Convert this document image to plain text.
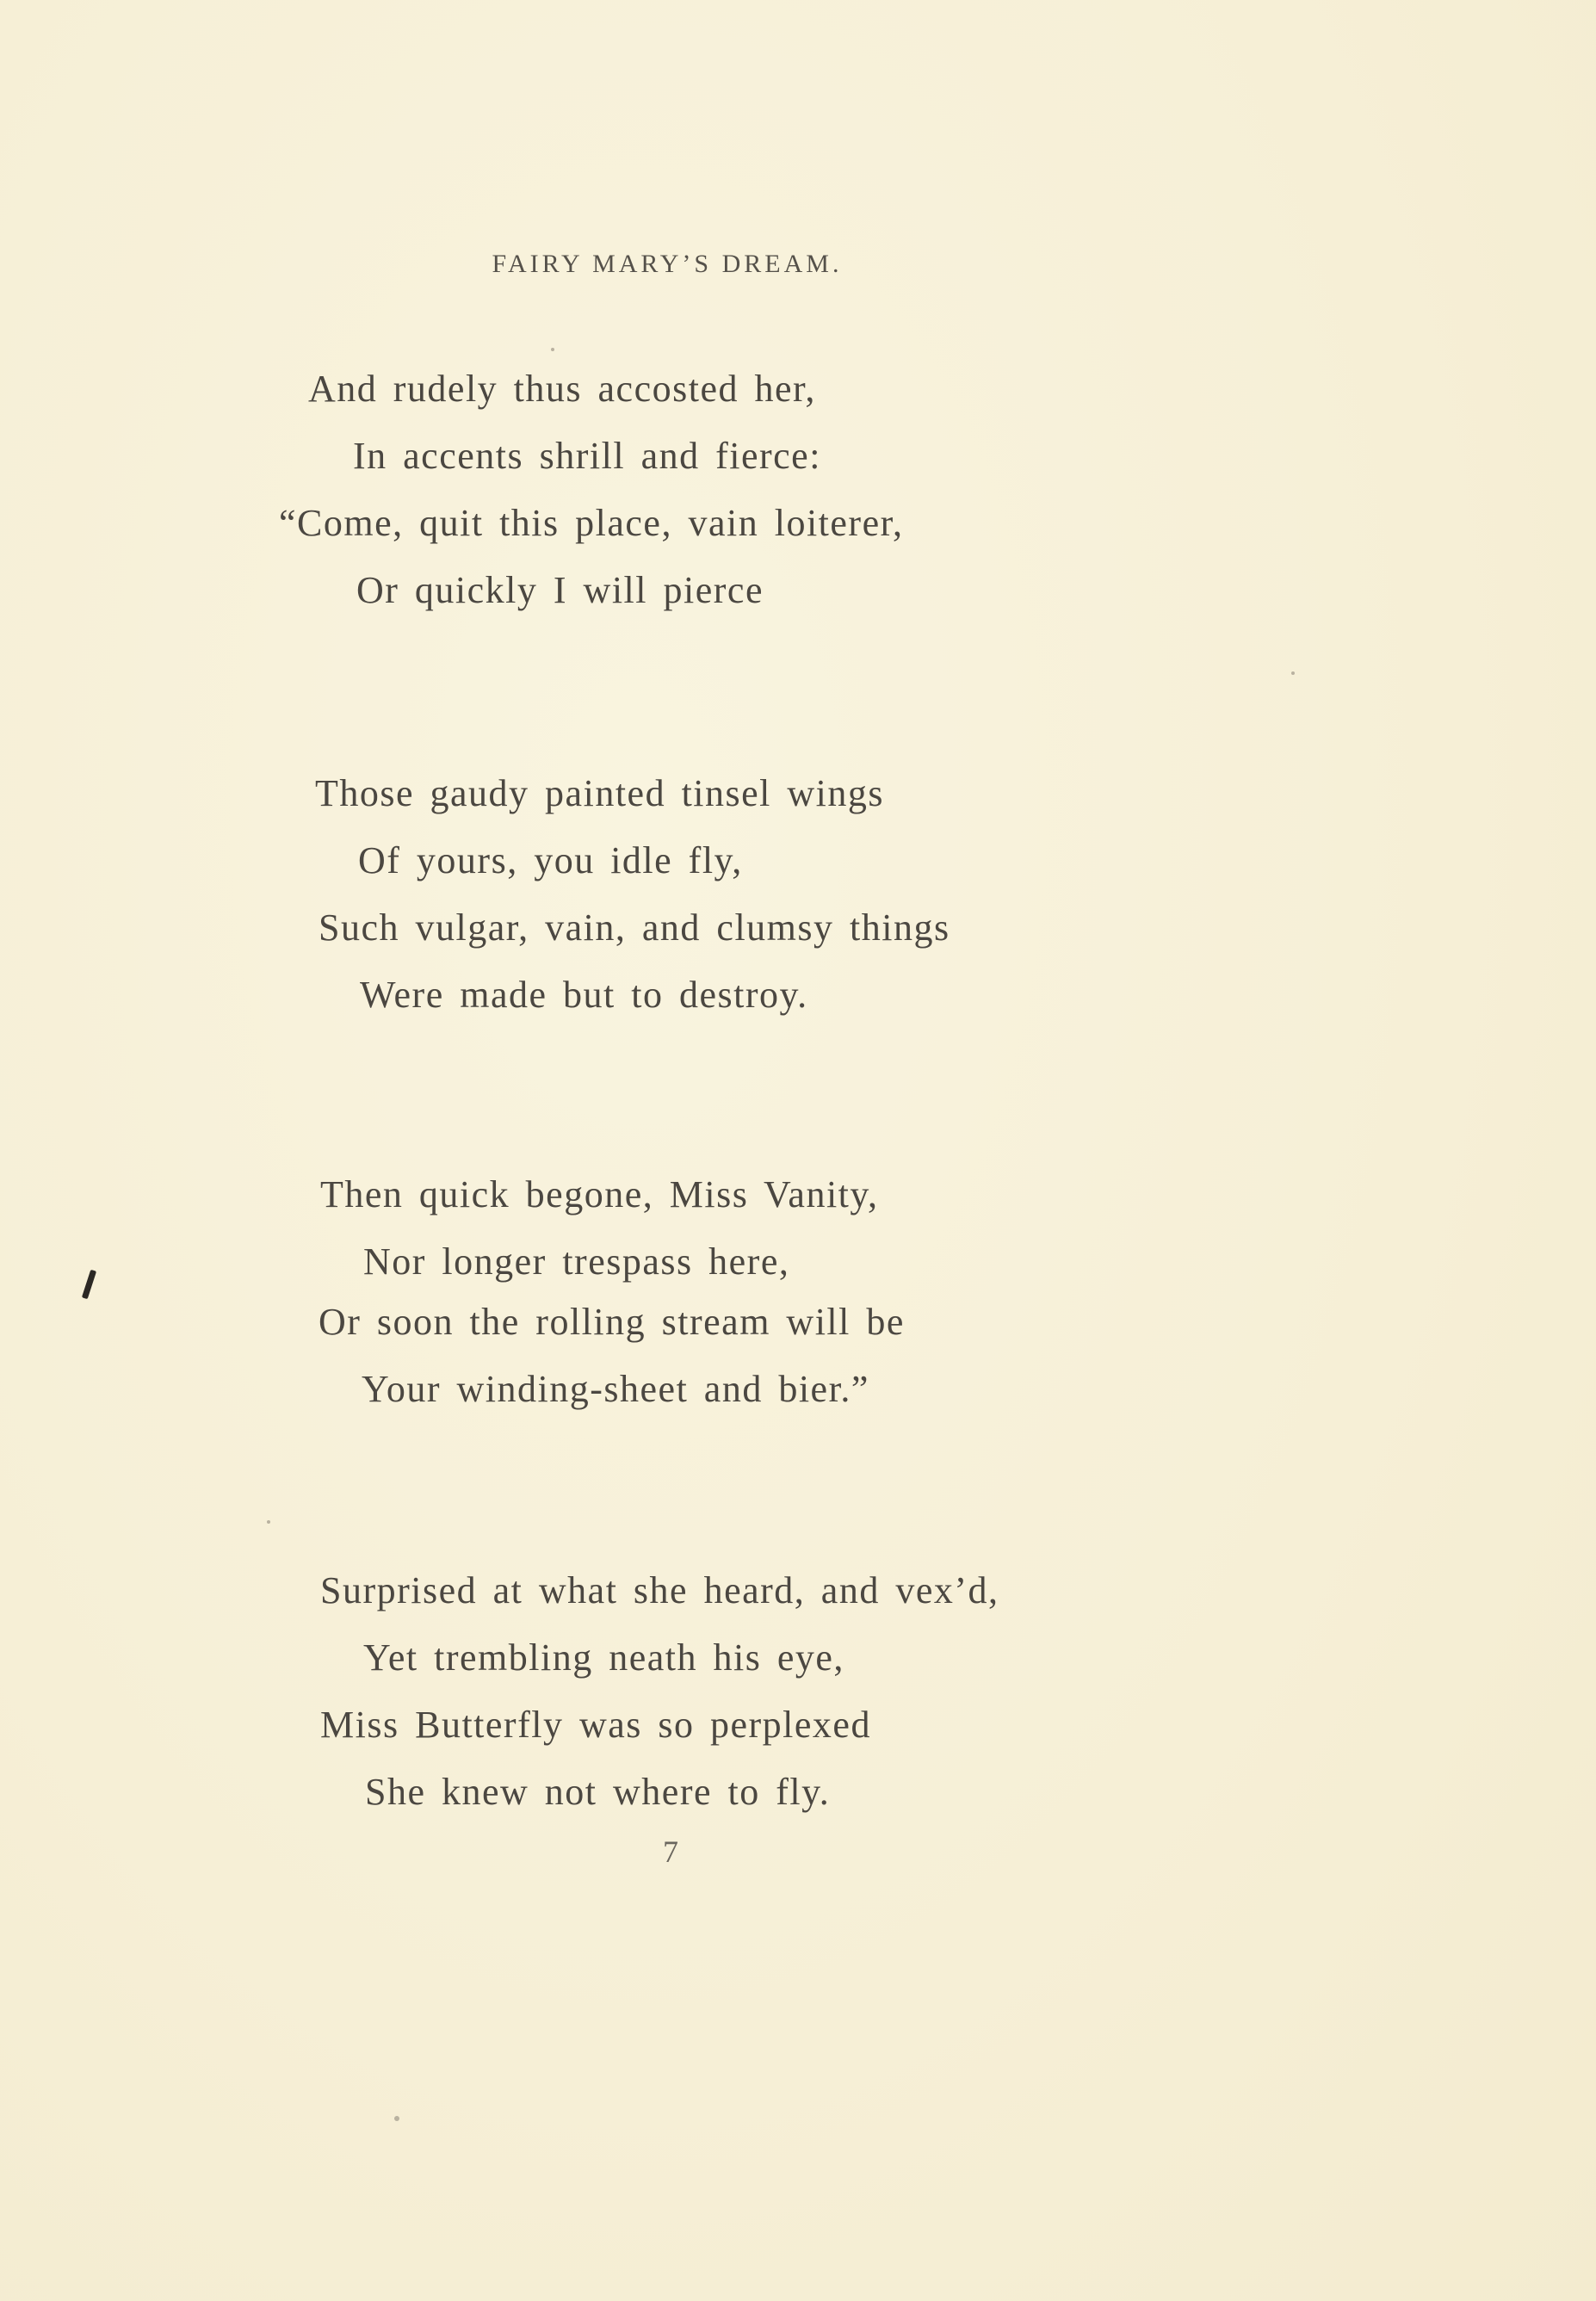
FAIRY MARY’S DREAM.
And rudely thus accosted her,
In accents shrill and fierce:
“Come, quit this place, vain loiterer,
Or quickly I will pierce
Those gaudy painted tinsel wings
Of yours, you idle fly,
Such vulgar, vain, and clumsy things
Were made but to destroy.
Then quick begone, Miss Vanity,
Nor longer trespass here,
Or soon the rolling stream will be
Your winding-sheet and bier.”
Surprised at what she heard, and vex’d,
Yet trembling neath his eye,
Miss Butterfly was so perplexed
She knew not where to fly.
7
